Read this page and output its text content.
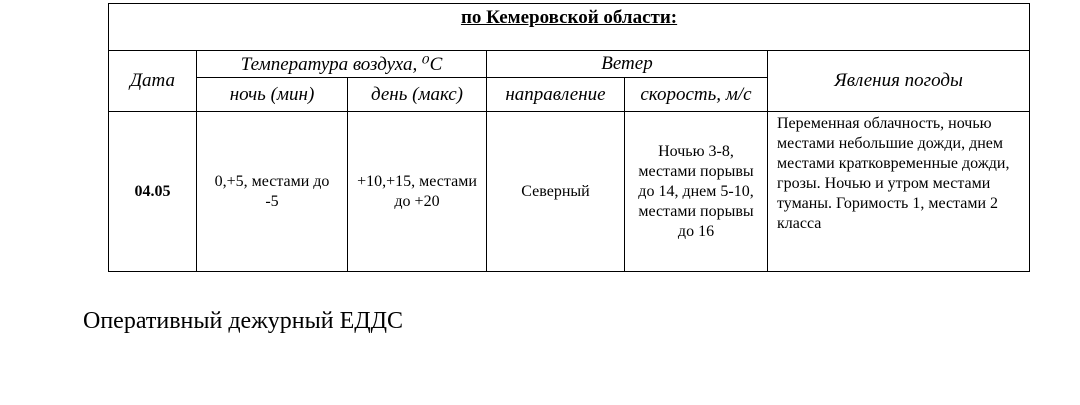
по Кемеровской области:					
Дата	Температура воздуха, ⁰С		Ветер		Явления погоды
	ночь (мин)	день (макс)	направление	скорость, м/с	
04.05	0,+5, местами до -5	+10,+15, местами до +20	Северный	Ночью 3-8, местами порывы до 14, днем 5-10, местами порывы до 16	Переменная облачность, ночью местами небольшие дожди, днем местами кратковременные дожди, грозы. Ночью и утром местами туманы. Горимость 1, местами 2 класса
Оперативный дежурный ЕДДС
